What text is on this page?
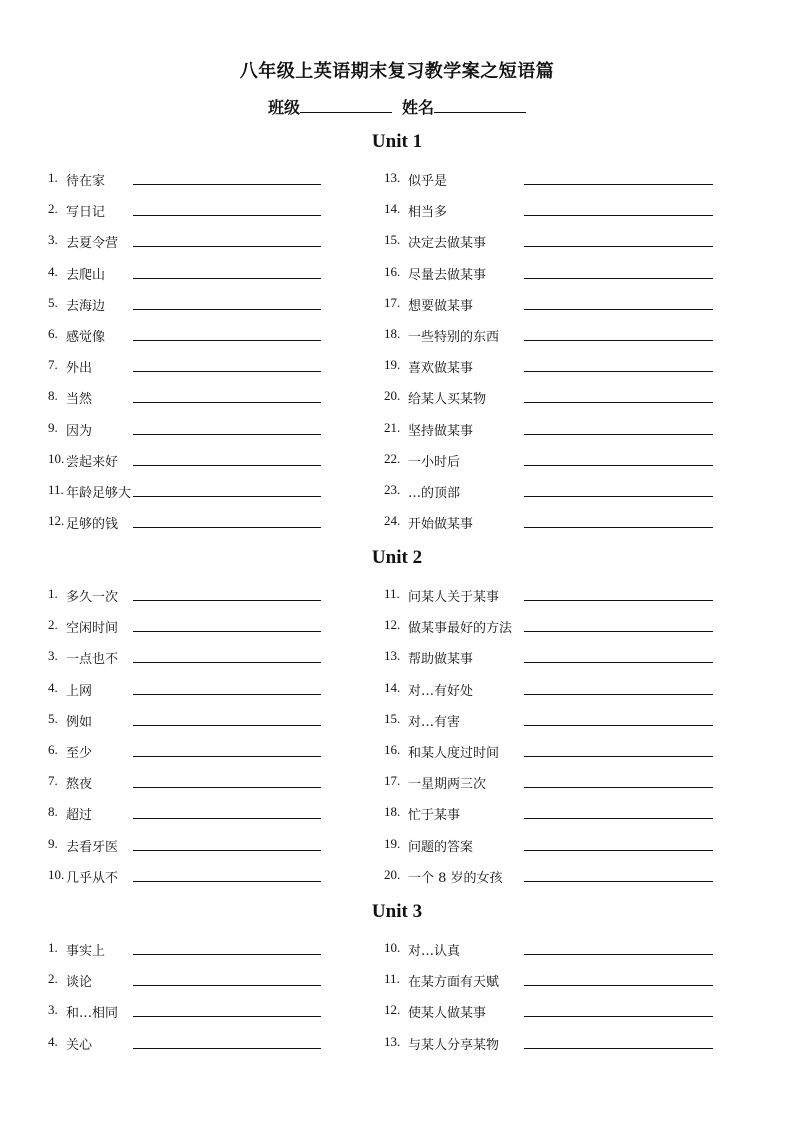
八年级上英语期末复习教学案之短语篇
班级	姓名
Unit 1
1. 待在家
2. 写日记
3. 去夏令营
4. 去爬山
5. 去海边
6. 感觉像
7. 外出
8. 当然
9. 因为
10. 尝起来好
11. 年龄足够大
12. 足够的钱
13. 似乎是
14. 相当多
15. 决定去做某事
16. 尽量去做某事
17. 想要做某事
18. 一些特别的东西
19. 喜欢做某事
20. 给某人买某物
21. 坚持做某事
22. 一小时后
23. …的顶部
24. 开始做某事
Unit 2
1. 多久一次
2. 空闲时间
3. 一点也不
4. 上网
5. 例如
6. 至少
7. 熬夜
8. 超过
9. 去看牙医
10. 几乎从不
11. 问某人关于某事
12. 做某事最好的方法
13. 帮助做某事
14. 对…有好处
15. 对…有害
16. 和某人度过时间
17. 一星期两三次
18. 忙于某事
19. 问题的答案
20. 一个 8 岁的女孩
Unit 3
1. 事实上
2. 谈论
3. 和…相同
4. 关心
10. 对…认真
11. 在某方面有天赋
12. 使某人做某事
13. 与某人分享某物
